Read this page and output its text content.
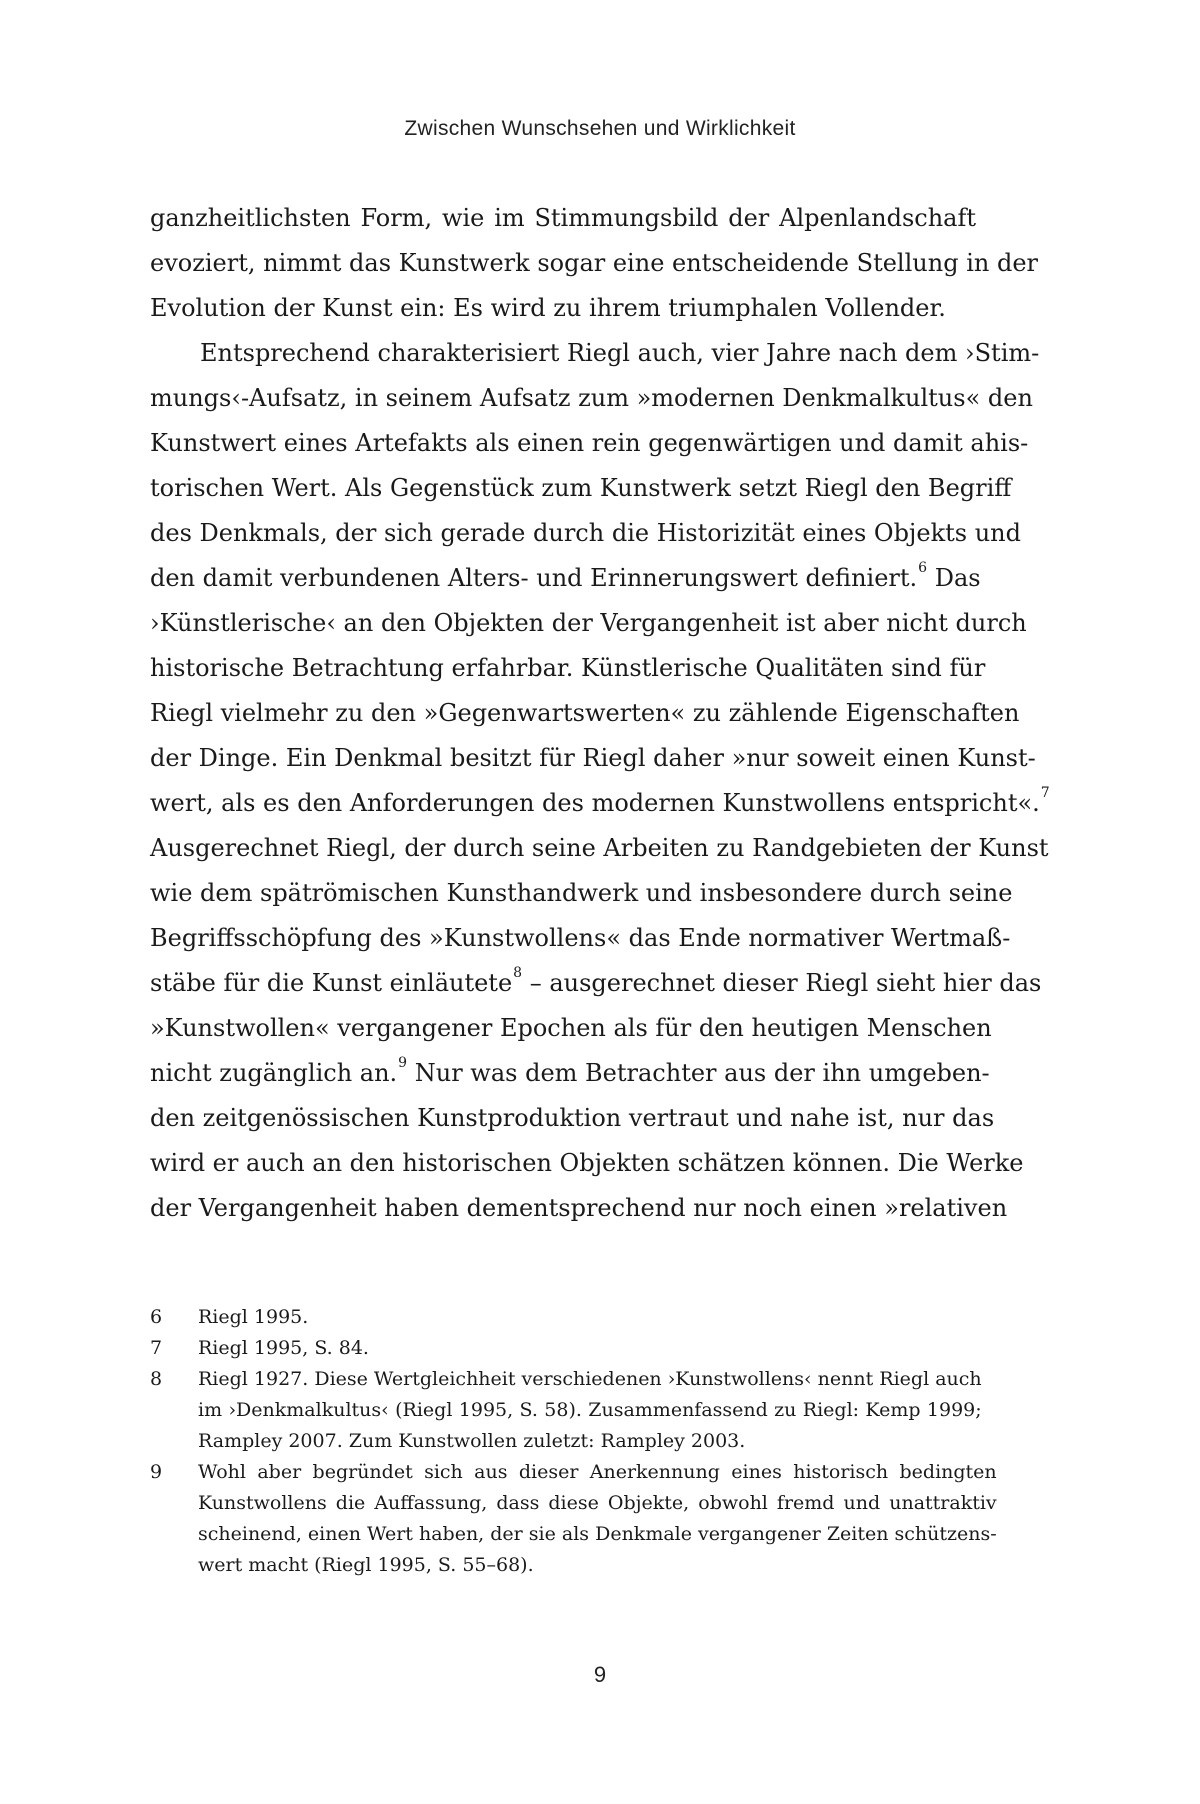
Zwischen Wunschsehen und Wirklichkeit
ganzheitlichsten Form, wie im Stimmungsbild der Alpenlandschaft
evoziert, nimmt das Kunstwerk sogar eine entscheidende Stellung in der
Evolution der Kunst ein: Es wird zu ihrem triumphalen Vollender.
Entsprechend charakterisiert Riegl auch, vier Jahre nach dem ›Stim-
mungs‹-Aufsatz, in seinem Aufsatz zum »modernen Denkmalkultus« den
Kunstwert eines Artefakts als einen rein gegenwärtigen und damit ahis-
torischen Wert. Als Gegenstück zum Kunstwerk setzt Riegl den Begriff
des Denkmals, der sich gerade durch die Historizität eines Objekts und
den damit verbundenen Alters- und Erinnerungswert definiert.$^6$ Das
›Künstlerische‹ an den Objekten der Vergangenheit ist aber nicht durch
historische Betrachtung erfahrbar. Künstlerische Qualitäten sind für
Riegl vielmehr zu den »Gegenwartswerten« zu zählende Eigenschaften
der Dinge. Ein Denkmal besitzt für Riegl daher »nur soweit einen Kunst-
wert, als es den Anforderungen des modernen Kunstwollens entspricht«.$^7$
Ausgerechnet Riegl, der durch seine Arbeiten zu Randgebieten der Kunst
wie dem spätrömischen Kunsthandwerk und insbesondere durch seine
Begriffsschöpfung des »Kunstwollens« das Ende normativer Wertmaß-
stäbe für die Kunst einläutete$^8$ – ausgerechnet dieser Riegl sieht hier das
»Kunstwollen« vergangener Epochen als für den heutigen Menschen
nicht zugänglich an.$^9$ Nur was dem Betrachter aus der ihn umgeben-
den zeitgenössischen Kunstproduktion vertraut und nahe ist, nur das
wird er auch an den historischen Objekten schätzen können. Die Werke
der Vergangenheit haben dementsprechend nur noch einen »relativen
6	Riegl 1995.
7	Riegl 1995, S. 84.
8	Riegl 1927. Diese Wertgleichheit verschiedenen ›Kunstwollens‹ nennt Riegl auch
im ›Denkmalkultus‹ (Riegl 1995, S. 58). Zusammenfassend zu Riegl: Kemp 1999;
Rampley 2007. Zum Kunstwollen zuletzt: Rampley 2003.
9	Wohl aber begründet sich aus dieser Anerkennung eines historisch bedingten
Kunstwollens die Auffassung, dass diese Objekte, obwohl fremd und unattraktiv
scheinend, einen Wert haben, der sie als Denkmale vergangener Zeiten schützens-
wert macht (Riegl 1995, S. 55–68).
9
